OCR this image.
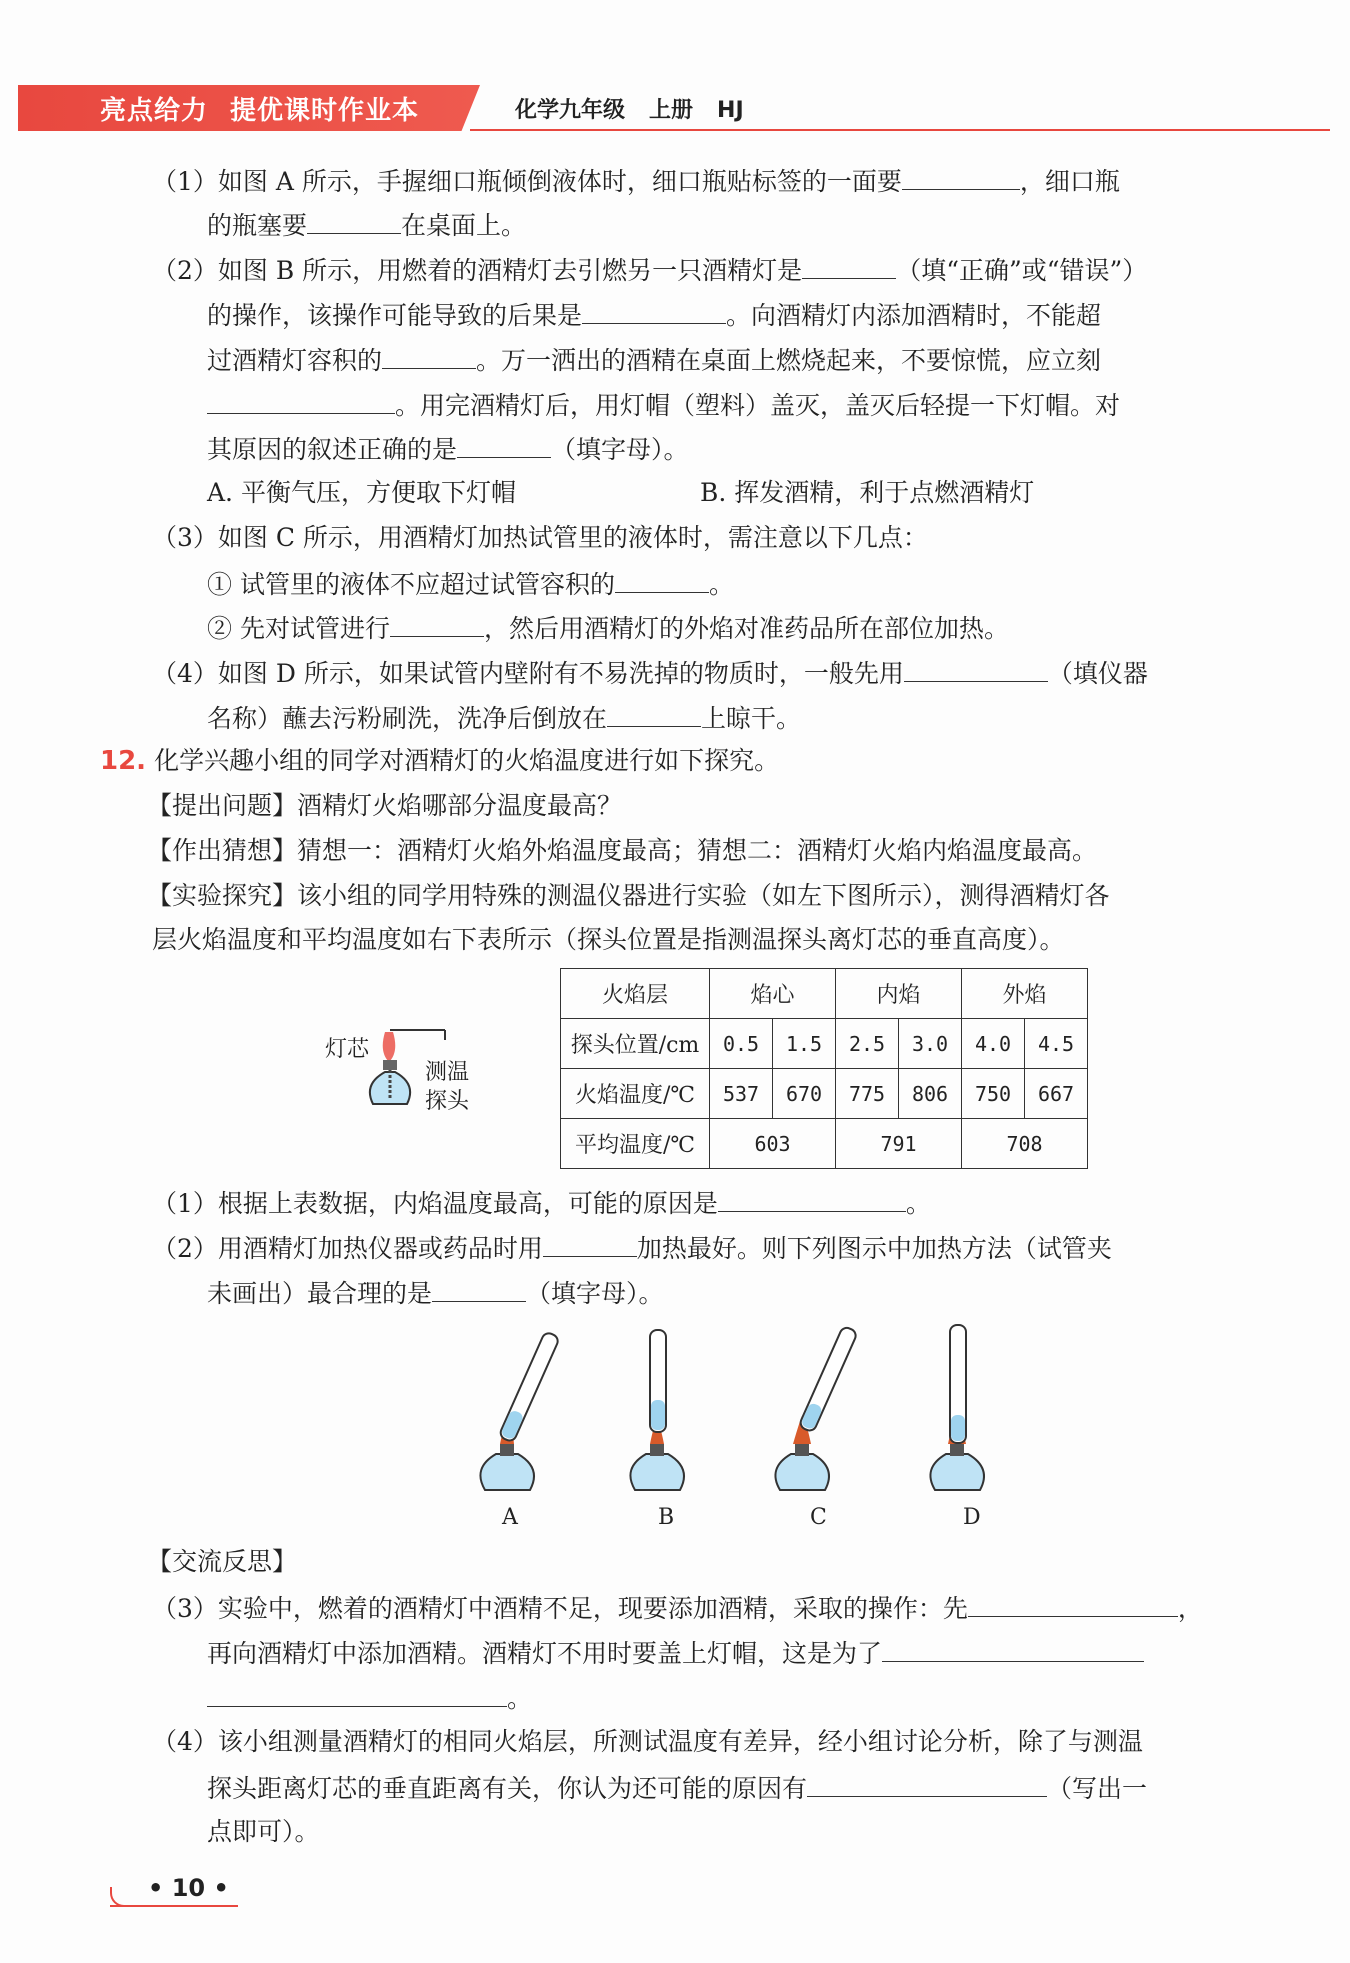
亮点给力 提优课时作业本	化学九年级 上册 HJ
（1）如图 A 所示，手握细口瓶倾倒液体时，细口瓶贴标签的一面要	，细口瓶
的瓶塞要	在桌面上。
（2）如图 B 所示，用燃着的酒精灯去引燃另一只酒精灯是	（填“正确”或“错误”）
的操作，该操作可能导致的后果是	。向酒精灯内添加酒精时，不能超
过酒精灯容积的	。万一洒出的酒精在桌面上燃烧起来，不要惊慌，应立刻
。用完酒精灯后，用灯帽（塑料）盖灭，盖灭后轻提一下灯帽。对
其原因的叙述正确的是	（填字母）。
A. 平衡气压，方便取下灯帽	B. 挥发酒精，利于点燃酒精灯
（3）如图 C 所示，用酒精灯加热试管里的液体时，需注意以下几点：
① 试管里的液体不应超过试管容积的	。
② 先对试管进行	，然后用酒精灯的外焰对准药品所在部位加热。
（4）如图 D 所示，如果试管内壁附有不易洗掉的物质时，一般先用	（填仪器
名称）蘸去污粉刷洗，洗净后倒放在	上晾干。
12. 化学兴趣小组的同学对酒精灯的火焰温度进行如下探究。
【提出问题】酒精灯火焰哪部分温度最高？
【作出猜想】猜想一：酒精灯火焰外焰温度最高；猜想二：酒精灯火焰内焰温度最高。
【实验探究】该小组的同学用特殊的测温仪器进行实验（如左下图所示），测得酒精灯各
层火焰温度和平均温度如右下表所示（探头位置是指测温探头离灯芯的垂直高度）。
灯芯
测温
探头
火焰层	焰心		内焰		外焰	
探头位置/cm	0.5	1.5	2.5	3.0	4.0	4.5
火焰温度/℃	537	670	775	806	750	667
平均温度/℃	603		791		708	
（1）根据上表数据，内焰温度最高，可能的原因是	。
（2）用酒精灯加热仪器或药品时用	加热最好。则下列图示中加热方法（试管夹
未画出）最合理的是	（填字母）。
A	B	C	D
【交流反思】
（3）实验中，燃着的酒精灯中酒精不足，现要添加酒精，采取的操作：先	，
再向酒精灯中添加酒精。酒精灯不用时要盖上灯帽，这是为了
。
（4）该小组测量酒精灯的相同火焰层，所测试温度有差异，经小组讨论分析，除了与测温
探头距离灯芯的垂直距离有关，你认为还可能的原因有	（写出一
点即可）。
• 10 •
